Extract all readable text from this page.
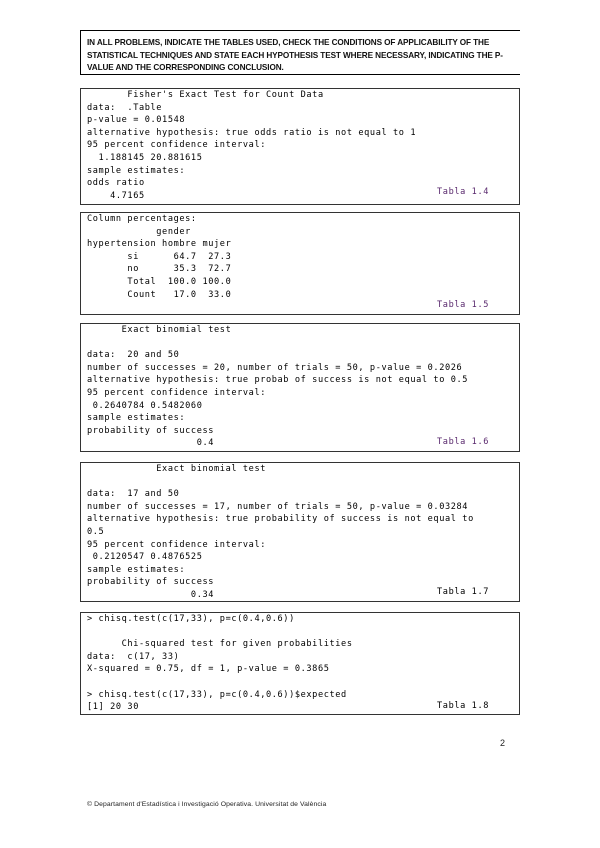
IN ALL PROBLEMS, INDICATE THE TABLES USED, CHECK THE CONDITIONS OF APPLICABILITY OF THE STATISTICAL TECHNIQUES AND STATE EACH HYPOTHESIS TEST WHERE NECESSARY, INDICATING THE P-VALUE AND THE CORRESPONDING CONCLUSION.
Fisher's Exact Test for Count Data
data:  .Table
p-value = 0.01548
alternative hypothesis: true odds ratio is not equal to 1
95 percent confidence interval:
1.188145 20.881615
sample estimates:
odds ratio
4.7165	Tabla 1.4
Column percentages:
gender
hypertension hombre mujer
si      64.7  27.3
no      35.3  72.7
Total  100.0 100.0
Count   17.0  33.0
Tabla 1.5
Exact binomial test

data:  20 and 50
number of successes = 20, number of trials = 50, p-value = 0.2026
alternative hypothesis: true probab of success is not equal to 0.5
95 percent confidence interval:
0.2640784 0.5482060
sample estimates:
probability of success
0.4	Tabla 1.6
Exact binomial test

data:  17 and 50
number of successes = 17, number of trials = 50, p-value = 0.03284
alternative hypothesis: true probability of success is not equal to
0.5
95 percent confidence interval:
0.2120547 0.4876525
sample estimates:
probability of success
0.34	Tabla 1.7
> chisq.test(c(17,33), p=c(0.4,0.6))

Chi-squared test for given probabilities
data:  c(17, 33)
X-squared = 0.75, df = 1, p-value = 0.3865

> chisq.test(c(17,33), p=c(0.4,0.6))$expected
[1] 20 30	Tabla 1.8
2
© Departament d'Estadística i Investigació Operativa. Universitat de València
